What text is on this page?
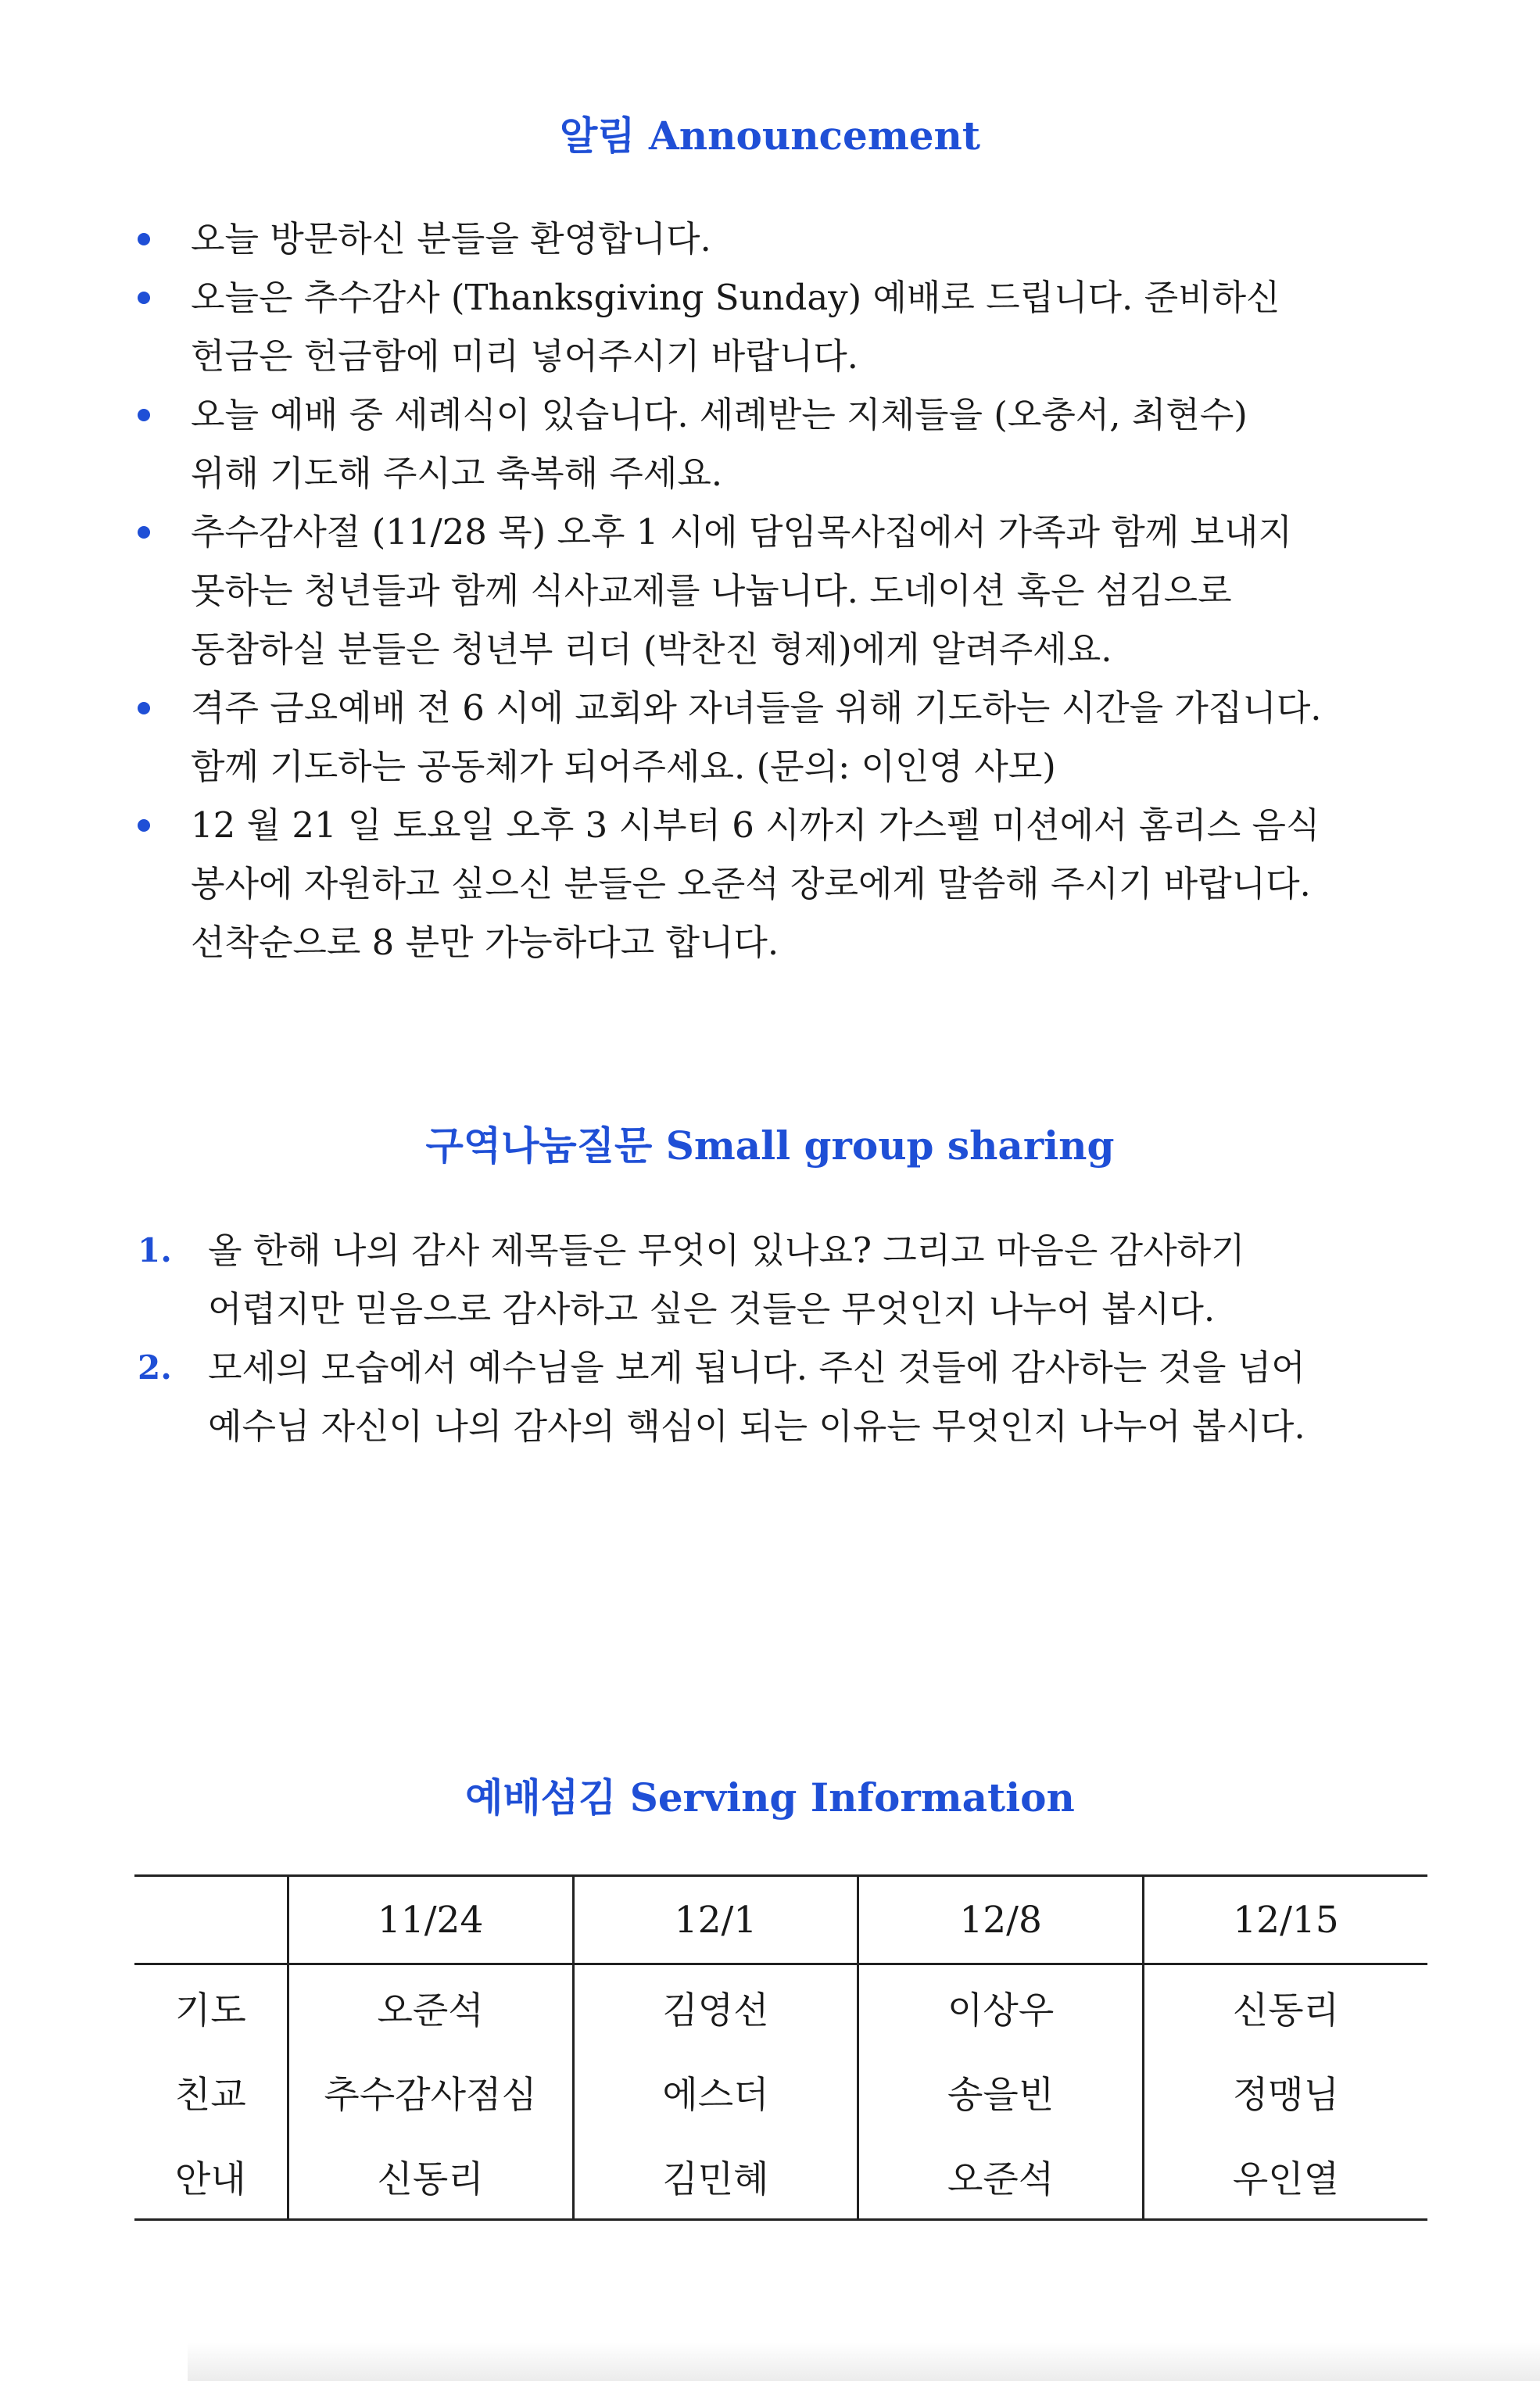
알림 Announcement
오늘 방문하신 분들을 환영합니다.
오늘은 추수감사 (Thanksgiving Sunday) 예배로 드립니다. 준비하신
헌금은 헌금함에 미리 넣어주시기 바랍니다.
오늘 예배 중 세례식이 있습니다. 세례받는 지체들을 (오충서, 최현수)
위해 기도해 주시고 축복해 주세요.
추수감사절 (11/28 목) 오후 1 시에 담임목사집에서 가족과 함께 보내지
못하는 청년들과 함께 식사교제를 나눕니다. 도네이션 혹은 섬김으로
동참하실 분들은 청년부 리더 (박찬진 형제)에게 알려주세요.
격주 금요예배 전 6 시에 교회와 자녀들을 위해 기도하는 시간을 가집니다.
함께 기도하는 공동체가 되어주세요. (문의: 이인영 사모)
12 월 21 일 토요일 오후 3 시부터 6 시까지 가스펠 미션에서 홈리스 음식
봉사에 자원하고 싶으신 분들은 오준석 장로에게 말씀해 주시기 바랍니다.
선착순으로 8 분만 가능하다고 합니다.
구역나눔질문 Small group sharing
1. 올 한해 나의 감사 제목들은 무엇이 있나요? 그리고 마음은 감사하기
어렵지만 믿음으로 감사하고 싶은 것들은 무엇인지 나누어 봅시다.
2. 모세의 모습에서 예수님을 보게 됩니다. 주신 것들에 감사하는 것을 넘어
예수님 자신이 나의 감사의 핵심이 되는 이유는 무엇인지 나누어 봅시다.
예배섬김 Serving Information
	11/24	12/1	12/8	12/15
기도	오준석	김영선	이상우	신동리
친교	추수감사점심	에스더	송을빈	정맹님
안내	신동리	김민혜	오준석	우인열
